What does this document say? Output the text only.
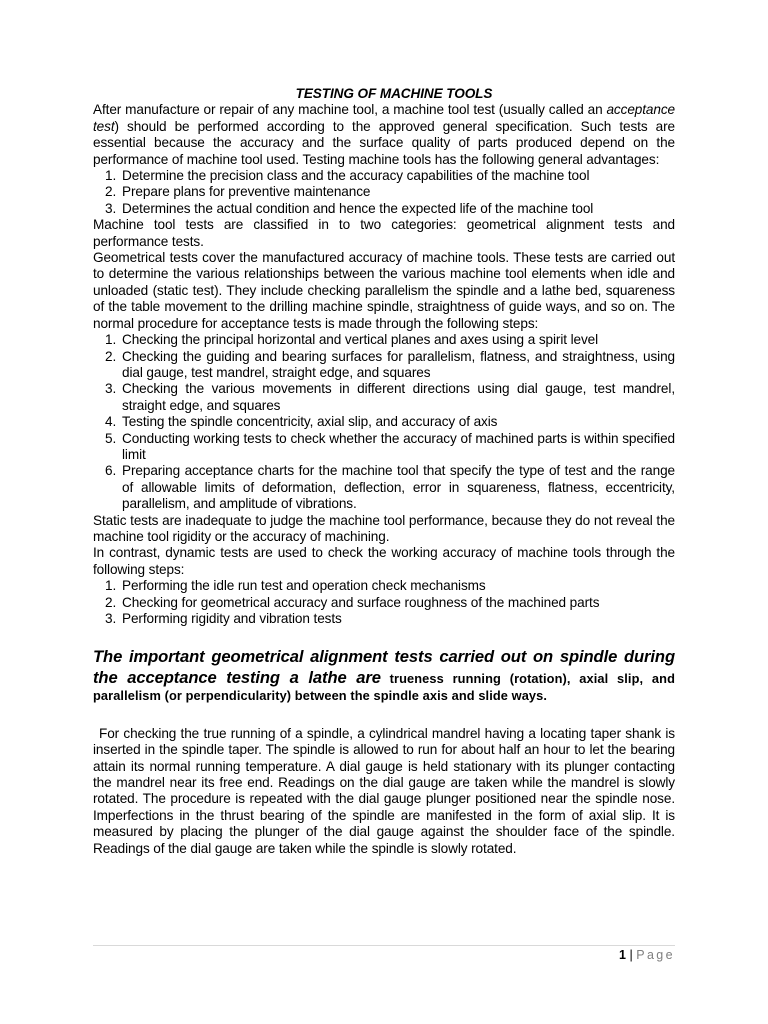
TESTING OF MACHINE TOOLS

After manufacture or repair of any machine tool, a machine tool test (usually called an acceptance test) should be performed according to the approved general specification. Such tests are essential because the accuracy and the surface quality of parts produced depend on the performance of machine tool used. Testing machine tools has the following general advantages:

1. Determine the precision class and the accuracy capabilities of the machine tool
2. Prepare plans for preventive maintenance
3. Determines the actual condition and hence the expected life of the machine tool

Machine tool tests are classified in to two categories: geometrical alignment tests and performance tests.

Geometrical tests cover the manufactured accuracy of machine tools. These tests are carried out to determine the various relationships between the various machine tool elements when idle and unloaded (static test). They include checking parallelism the spindle and a lathe bed, squareness of the table movement to the drilling machine spindle, straightness of guide ways, and so on. The normal procedure for acceptance tests is made through the following steps:

1. Checking the principal horizontal and vertical planes and axes using a spirit level
2. Checking the guiding and bearing surfaces for parallelism, flatness, and straightness, using dial gauge, test mandrel, straight edge, and squares
3. Checking the various movements in different directions using dial gauge, test mandrel, straight edge, and squares
4. Testing the spindle concentricity, axial slip, and accuracy of axis
5. Conducting working tests to check whether the accuracy of machined parts is within specified limit
6. Preparing acceptance charts for the machine tool that specify the type of test and the range of allowable limits of deformation, deflection, error in squareness, flatness, eccentricity, parallelism, and amplitude of vibrations.

Static tests are inadequate to judge the machine tool performance, because they do not reveal the machine tool rigidity or the accuracy of machining.

In contrast, dynamic tests are used to check the working accuracy of machine tools through the following steps:

1. Performing the idle run test and operation check mechanisms
2. Checking for geometrical accuracy and surface roughness of the machined parts
3. Performing rigidity and vibration tests

The important geometrical alignment tests carried out on spindle during the acceptance testing a lathe are trueness running (rotation), axial slip, and parallelism (or perpendicularity) between the spindle axis and slide ways.

For checking the true running of a spindle, a cylindrical mandrel having a locating taper shank is inserted in the spindle taper. The spindle is allowed to run for about half an hour to let the bearing attain its normal running temperature. A dial gauge is held stationary with its plunger contacting the mandrel near its free end. Readings on the dial gauge are taken while the mandrel is slowly rotated. The procedure is repeated with the dial gauge plunger positioned near the spindle nose. Imperfections in the thrust bearing of the spindle are manifested in the form of axial slip. It is measured by placing the plunger of the dial gauge against the shoulder face of the spindle. Readings of the dial gauge are taken while the spindle is slowly rotated.

1 | Page
